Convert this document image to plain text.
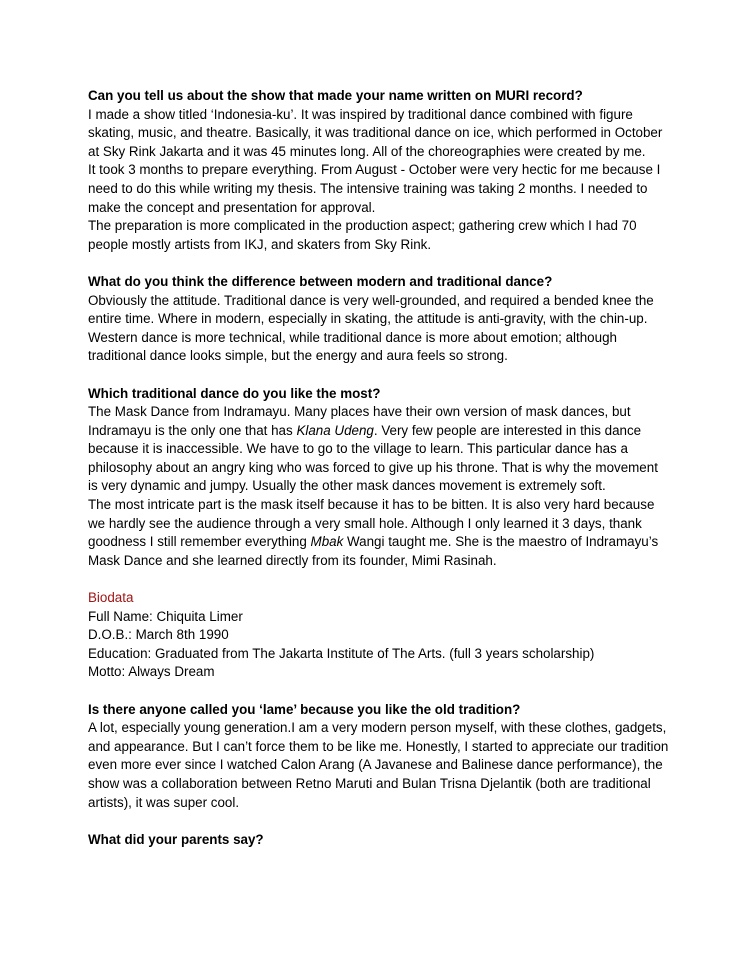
Can you tell us about the show that made your name written on MURI record?

I made a show titled ‘Indonesia-ku’. It was inspired by traditional dance combined with figure skating, music, and theatre. Basically, it was traditional dance on ice, which performed in October at Sky Rink Jakarta and it was 45 minutes long. All of the choreographies were created by me.

It took 3 months to prepare everything. From August - October were very hectic for me because I need to do this while writing my thesis. The intensive training was taking 2 months. I needed to make the concept and presentation for approval.

The preparation is more complicated in the production aspect; gathering crew which I had 70 people mostly artists from IKJ, and skaters from Sky Rink.

What do you think the difference between modern and traditional dance?

Obviously the attitude. Traditional dance is very well-grounded, and required a bended knee the entire time. Where in modern, especially in skating, the attitude is anti-gravity, with the chin-up. Western dance is more technical, while traditional dance is more about emotion; although traditional dance looks simple, but the energy and aura feels so strong.

Which traditional dance do you like the most?

The Mask Dance from Indramayu. Many places have their own version of mask dances, but Indramayu is the only one that has Klana Udeng. Very few people are interested in this dance because it is inaccessible. We have to go to the village to learn. This particular dance has a philosophy about an angry king who was forced to give up his throne. That is why the movement is very dynamic and jumpy. Usually the other mask dances movement is extremely soft.

The most intricate part is the mask itself because it has to be bitten. It is also very hard because we hardly see the audience through a very small hole. Although I only learned it 3 days, thank goodness I still remember everything Mbak Wangi taught me. She is the maestro of Indramayu’s Mask Dance and she learned directly from its founder, Mimi Rasinah.

Biodata

Full Name: Chiquita Limer

D.O.B.: March 8th 1990

Education: Graduated from The Jakarta Institute of The Arts. (full 3 years scholarship)

Motto: Always Dream

Is there anyone called you ‘lame’ because you like the old tradition?

A lot, especially young generation.I am a very modern person myself, with these clothes, gadgets, and appearance. But I can’t force them to be like me. Honestly, I started to appreciate our tradition even more ever since I watched Calon Arang (A Javanese and Balinese dance performance), the show was a collaboration between Retno Maruti and Bulan Trisna Djelantik (both are traditional artists), it was super cool.

What did your parents say?
